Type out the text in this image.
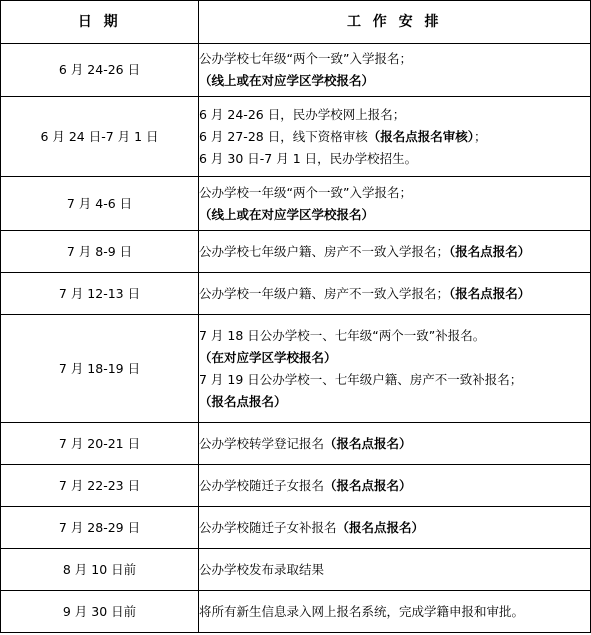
日 期	工 作 安 排
6 月 24-26 日	公办学校七年级“两个一致”入学报名；
（线上或在对应学区学校报名）

6 月 24 日-7 月 1 日	6 月 24-26 日，民办学校网上报名；
6 月 27-28 日，线下资格审核（报名点报名审核）；
6 月 30 日-7 月 1 日，民办学校招生。

7 月 4-6 日	公办学校一年级“两个一致”入学报名；
（线上或在对应学区学校报名）

7 月 8-9 日	公办学校七年级户籍、房产不一致入学报名；（报名点报名）

7 月 12-13 日	公办学校一年级户籍、房产不一致入学报名；（报名点报名）

7 月 18-19 日	7 月 18 日公办学校一、七年级“两个一致”补报名。
（在对应学区学校报名）
7 月 19 日公办学校一、七年级户籍、房产不一致补报名；
（报名点报名）

7 月 20-21 日	公办学校转学登记报名（报名点报名）

7 月 22-23 日	公办学校随迁子女报名（报名点报名）

7 月 28-29 日	公办学校随迁子女补报名（报名点报名）

8 月 10 日前	公办学校发布录取结果

9 月 30 日前	将所有新生信息录入网上报名系统，完成学籍申报和审批。
